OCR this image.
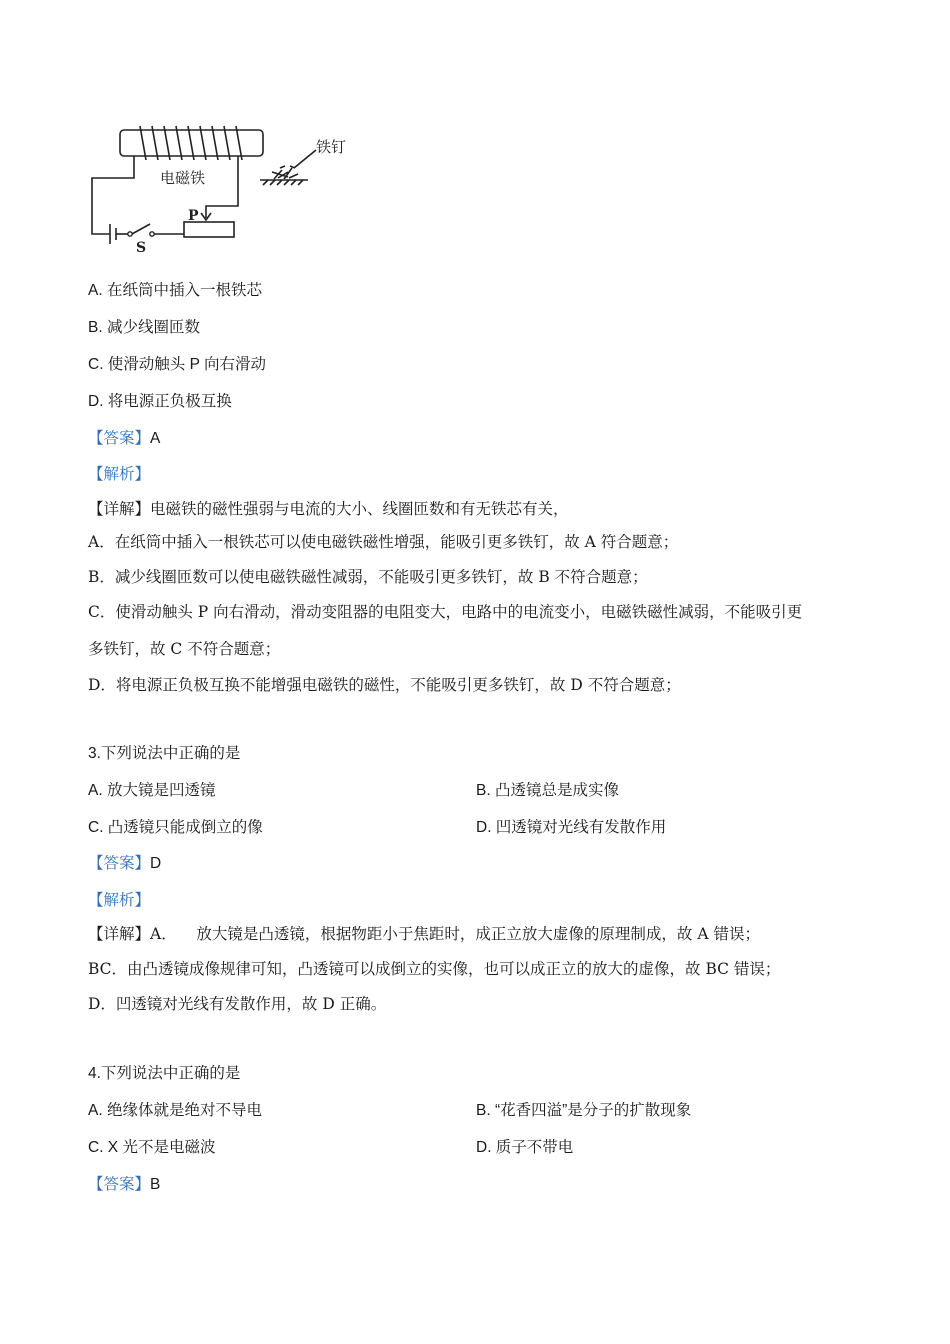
电磁铁
铁钉
P
S
A. 在纸筒中插入一根铁芯
B. 减少线圈匝数
C. 使滑动触头 P 向右滑动
D. 将电源正负极互换
【答案】A
【解析】
【详解】电磁铁的磁性强弱与电流的大小、线圈匝数和有无铁芯有关，
A．在纸筒中插入一根铁芯可以使电磁铁磁性增强，能吸引更多铁钉，故 A 符合题意；
B．减少线圈匝数可以使电磁铁磁性减弱，不能吸引更多铁钉，故 B 不符合题意；
C．使滑动触头 P 向右滑动，滑动变阻器的电阻变大，电路中的电流变小，电磁铁磁性减弱，不能吸引更
多铁钉，故 C 不符合题意；
D．将电源正负极互换不能增强电磁铁的磁性，不能吸引更多铁钉，故 D 不符合题意；
3.下列说法中正确的是
A. 放大镜是凹透镜	B. 凸透镜总是成实像
C. 凸透镜只能成倒立的像	D. 凹透镜对光线有发散作用
【答案】D
【解析】
【详解】A．    放大镜是凸透镜，根据物距小于焦距时，成正立放大虚像的原理制成，故 A 错误；
BC．由凸透镜成像规律可知，凸透镜可以成倒立的实像，也可以成正立的放大的虚像，故 BC 错误；
D．凹透镜对光线有发散作用，故 D 正确。
4.下列说法中正确的是
A. 绝缘体就是绝对不导电	B. “花香四溢”是分子的扩散现象
C. X 光不是电磁波	D. 质子不带电
【答案】B
